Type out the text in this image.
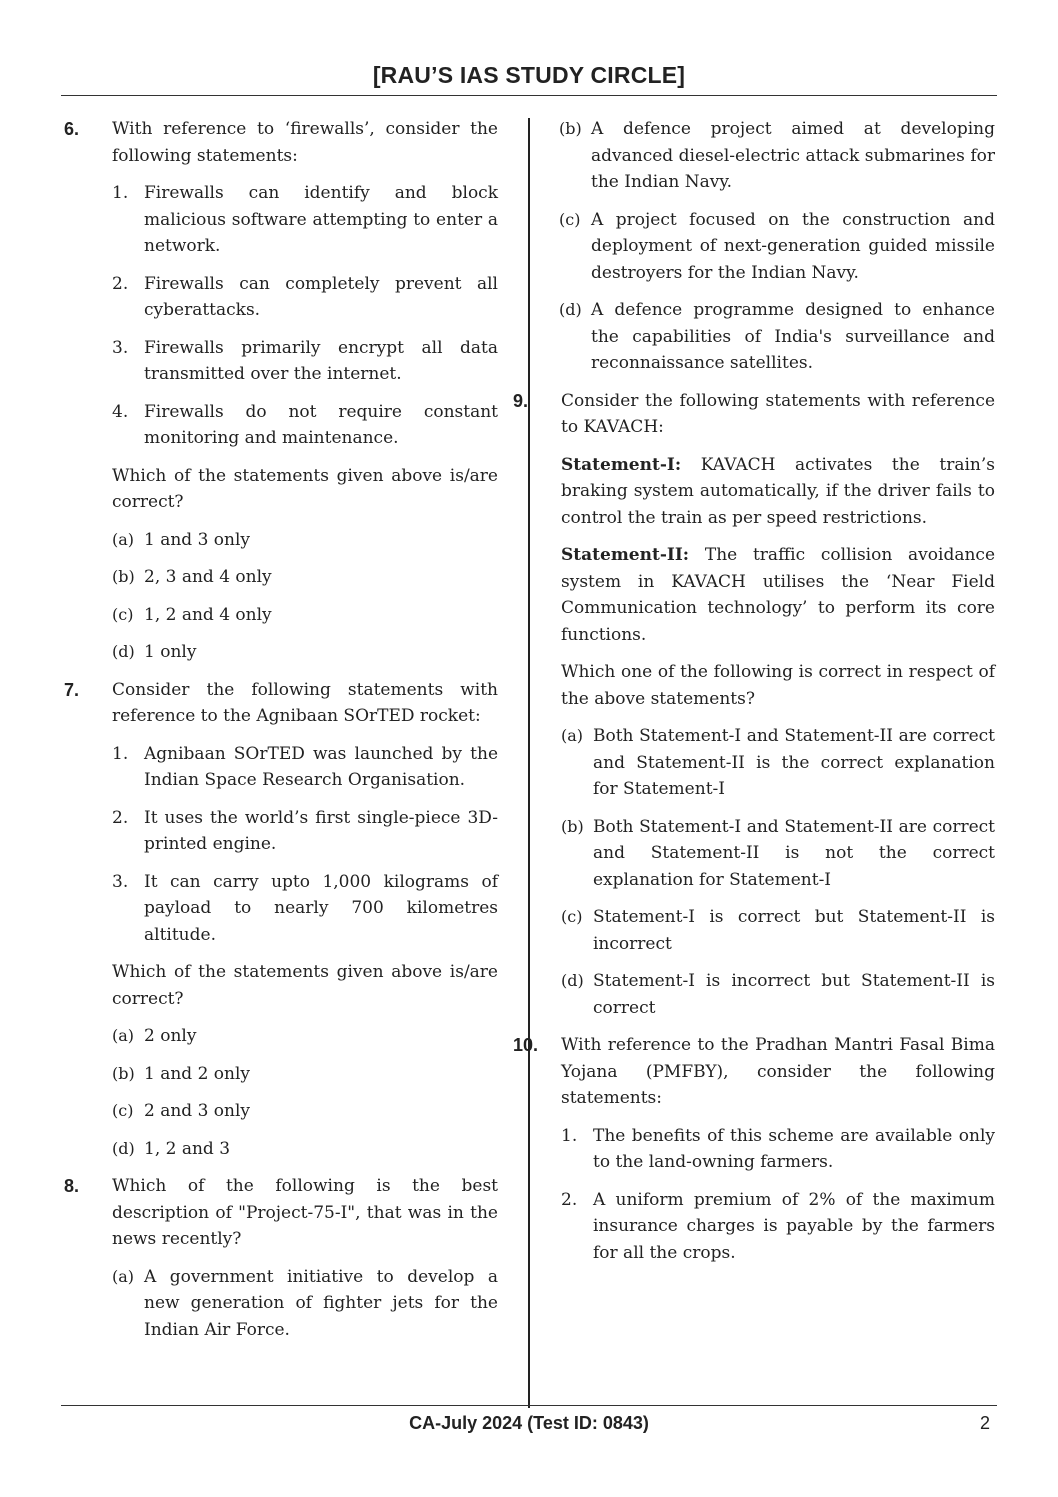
[RAU’S IAS STUDY CIRCLE]
6. With reference to ‘firewalls’, consider the following statements:

1. Firewalls can identify and block malicious software attempting to enter a network.
2. Firewalls can completely prevent all cyberattacks.
3. Firewalls primarily encrypt all data transmitted over the internet.
4. Firewalls do not require constant monitoring and maintenance.

Which of the statements given above is/are correct?

(a) 1 and 3 only
(b) 2, 3 and 4 only
(c) 1, 2 and 4 only
(d) 1 only
7. Consider the following statements with reference to the Agnibaan SOrTED rocket:

1. Agnibaan SOrTED was launched by the Indian Space Research Organisation.
2. It uses the world’s first single-piece 3D-printed engine.
3. It can carry upto 1,000 kilograms of payload to nearly 700 kilometres altitude.

Which of the statements given above is/are correct?

(a) 2 only
(b) 1 and 2 only
(c) 2 and 3 only
(d) 1, 2 and 3
8. Which of the following is the best description of "Project-75-I", that was in the news recently?

(a) A government initiative to develop a new generation of fighter jets for the Indian Air Force.
(b) A defence project aimed at developing advanced diesel-electric attack submarines for the Indian Navy.
(c) A project focused on the construction and deployment of next-generation guided missile destroyers for the Indian Navy.
(d) A defence programme designed to enhance the capabilities of India's surveillance and reconnaissance satellites.
9. Consider the following statements with reference to KAVACH:

Statement-I: KAVACH activates the train’s braking system automatically, if the driver fails to control the train as per speed restrictions.

Statement-II: The traffic collision avoidance system in KAVACH utilises the ‘Near Field Communication technology’ to perform its core functions.

Which one of the following is correct in respect of the above statements?

(a) Both Statement-I and Statement-II are correct and Statement-II is the correct explanation for Statement-I
(b) Both Statement-I and Statement-II are correct and Statement-II is not the correct explanation for Statement-I
(c) Statement-I is correct but Statement-II is incorrect
(d) Statement-I is incorrect but Statement-II is correct
10. With reference to the Pradhan Mantri Fasal Bima Yojana (PMFBY), consider the following statements:

1. The benefits of this scheme are available only to the land-owning farmers.
2. A uniform premium of 2% of the maximum insurance charges is payable by the farmers for all the crops.
CA-July 2024 (Test ID: 0843)	2
